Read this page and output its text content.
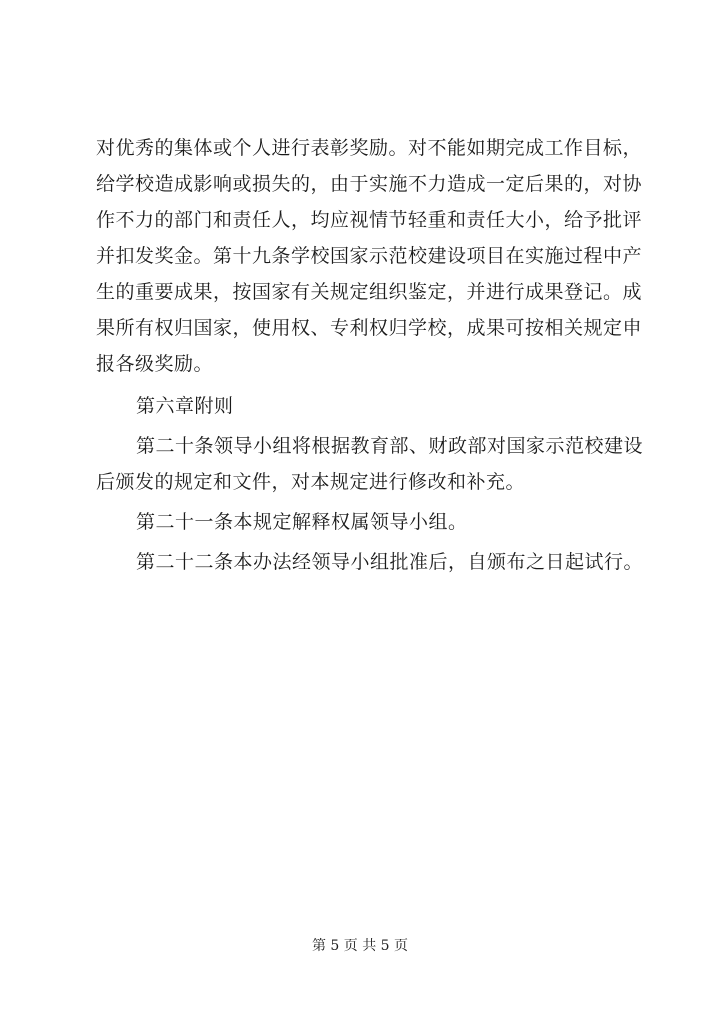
对优秀的集体或个人进行表彰奖励。对不能如期完成工作目标，
给学校造成影响或损失的，由于实施不力造成一定后果的，对协
作不力的部门和责任人，均应视情节轻重和责任大小，给予批评
并扣发奖金。第十九条学校国家示范校建设项目在实施过程中产
生的重要成果，按国家有关规定组织鉴定，并进行成果登记。成
果所有权归国家，使用权、专利权归学校，成果可按相关规定申
报各级奖励。
第六章附则
第二十条领导小组将根据教育部、财政部对国家示范校建设
后颁发的规定和文件，对本规定进行修改和补充。
第二十一条本规定解释权属领导小组。
第二十二条本办法经领导小组批准后，自颁布之日起试行。
第 5 页 共 5 页
